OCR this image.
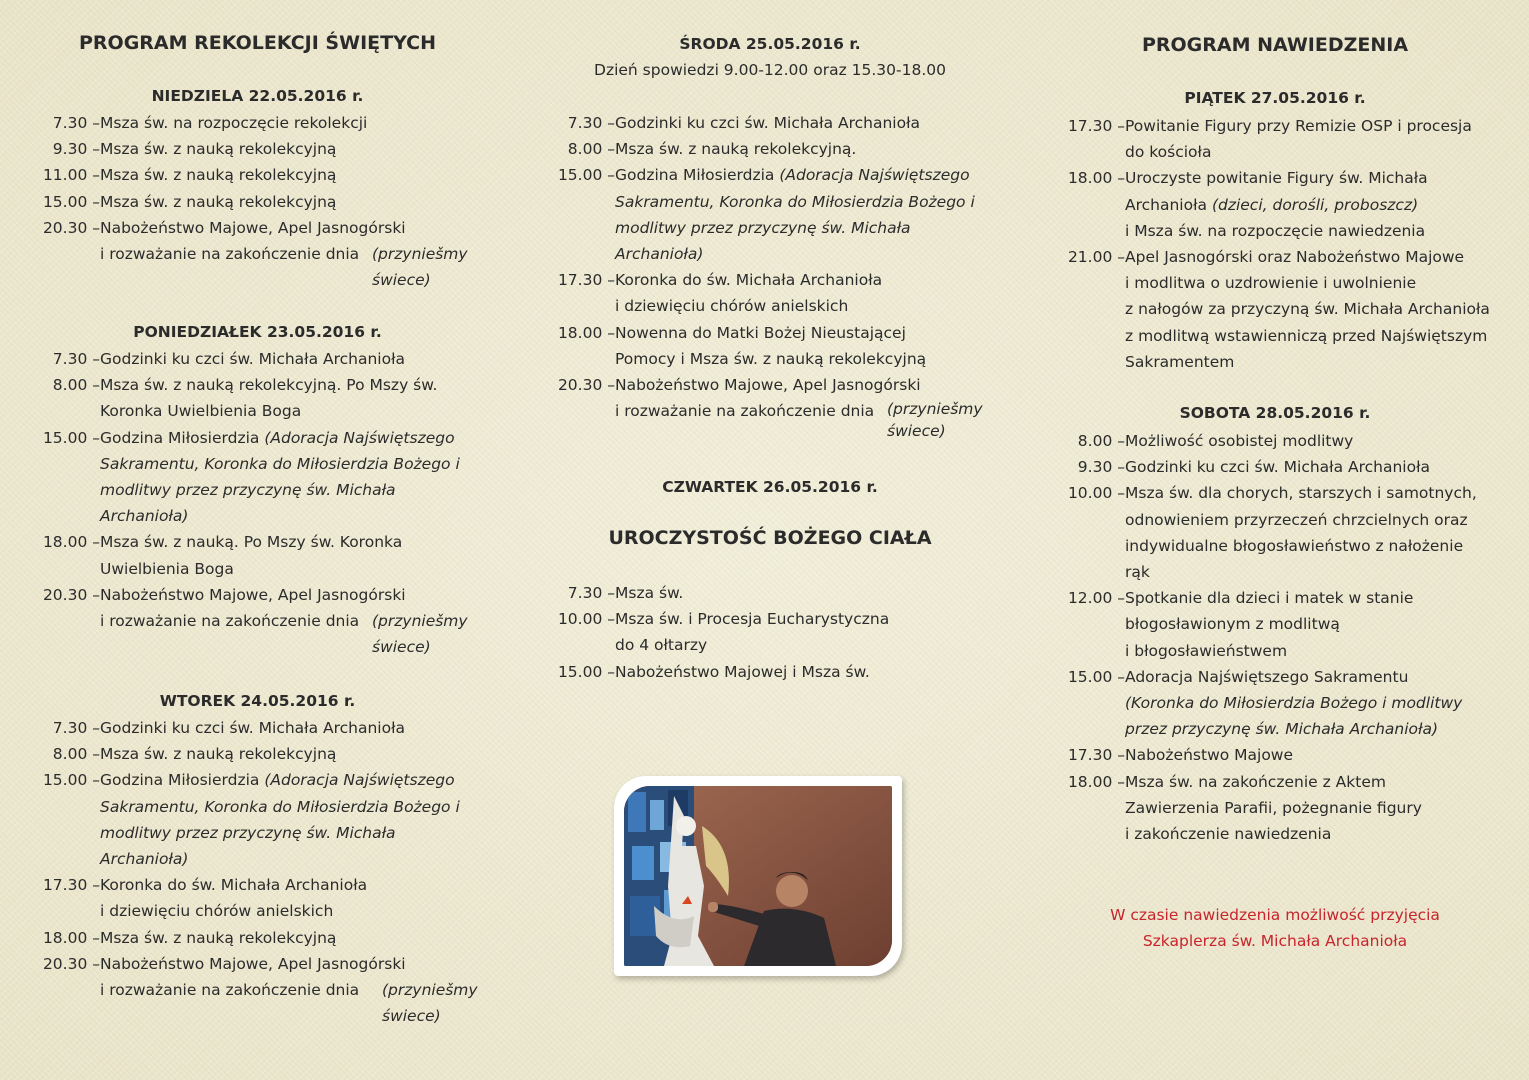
PROGRAM REKOLEKCJI ŚWIĘTYCH
NIEDZIELA 22.05.2016 r.
7.30 – Msza św. na rozpoczęcie rekolekcji
9.30 – Msza św. z nauką rekolekcyjną
11.00 – Msza św. z nauką rekolekcyjną
15.00 – Msza św. z nauką rekolekcyjną
20.30 – Nabożeństwo Majowe, Apel Jasnogórski
i rozważanie na zakończenie dnia (przyniešmy świece)
PONIEDZIAŁEK 23.05.2016 r.
7.30 – Godzinki ku czci św. Michała Archanioła
8.00 – Msza św. z nauką rekolekcyjną. Po Mszy św.
Koronka Uwielbienia Boga
15.00 – Godzina Miłosierdzia (Adoracja Najświętszego Sakramentu, Koronka do Miłosierdzia Bożego i modlitwy przez przyczynę św. Michała Archanioła)
18.00 – Msza św. z nauką. Po Mszy św. Koronka
Uwielbienia Boga
20.30 – Nabożeństwo Majowe, Apel Jasnogórski
i rozważanie na zakończenie dnia (przyniešmy świece)
WTOREK 24.05.2016 r.
7.30 – Godzinki ku czci św. Michała Archanioła
8.00 – Msza św. z nauką rekolekcyjną
15.00 – Godzina Miłosierdzia (Adoracja Najświętszego Sakramentu, Koronka do Miłosierdzia Bożego i modlitwy przez przyczynę św. Michała Archanioła)
17.30 – Koronka do św. Michała Archanioła
i dziewięciu chórów anielskich
18.00 – Msza św. z nauką rekolekcyjną
20.30 – Nabożeństwo Majowe, Apel Jasnogórski
i rozważanie na zakończenie dnia	(przyniešmy świece)
ŚRODA 25.05.2016 r.
Dzień spowiedzi 9.00-12.00 oraz 15.30-18.00
7.30 – Godzinki ku czci św. Michała Archanioła
8.00 – Msza św. z nauką rekolekcyjną.
15.00 – Godzina Miłosierdzia (Adoracja Najświętszego Sakramentu, Koronka do Miłosierdzia Bożego i modlitwy przez przyczynę św. Michała Archanioła)
17.30 – Koronka do św. Michała Archanioła
i dziewięciu chórów anielskich
18.00 – Nowenna do Matki Bożej Nieustającej
Pomocy i Msza św. z nauką rekolekcyjną
20.30 – Nabożeństwo Majowe, Apel Jasnogórski
i rozważanie na zakończenie dnia (przyniešmy świece)
CZWARTEK 26.05.2016 r.
UROCZYSTOŚĆ BOŻEGO CIAŁA
7.30 – Msza św.
10.00 – Msza św. i Procesja Eucharystyczna
do 4 ołtarzy
15.00 – Nabożeństwo Majowej i Msza św.
PROGRAM NAWIEDZENIA
PIĄTEK 27.05.2016 r.
17.30 – Powitanie Figury przy Remizie OSP i procesja
do kościoła
18.00 – Uroczyste powitanie Figury św. Michała
Archanioła (dzieci, dorośli, proboszcz)
i Msza św. na rozpoczęcie nawiedzenia
21.00 – Apel Jasnogórski oraz Nabożeństwo Majowe
i modlitwa o uzdrowienie i uwolnienie
z nałogów za przyczyną św. Michała Archanioła
z modlitwą wstawienniczą przed Najświętszym
Sakramentem
SOBOTA 28.05.2016 r.
8.00 – Możliwość osobistej modlitwy
9.30 – Godzinki ku czci św. Michała Archanioła
10.00 – Msza św. dla chorych, starszych i samotnych,
odnowieniem przyrzeczeń chrzcielnych oraz
indywidualne błogosławieństwo z nałożenie
rąk
12.00 – Spotkanie dla dzieci i matek w stanie
błogosławionym z modlitwą
i błogosławieństwem
15.00 – Adoracja Najświętszego Sakramentu
(Koronka do Miłosierdzia Bożego i modlitwy przez przyczynę św. Michała Archanioła)
17.30 – Nabożeństwo Majowe
18.00 – Msza św. na zakończenie z Aktem
Zawierzenia Parafii, pożegnanie figury
i zakończenie nawiedzenia
W czasie nawiedzenia możliwość przyjęcia
Szkaplerza św. Michała Archanioła
